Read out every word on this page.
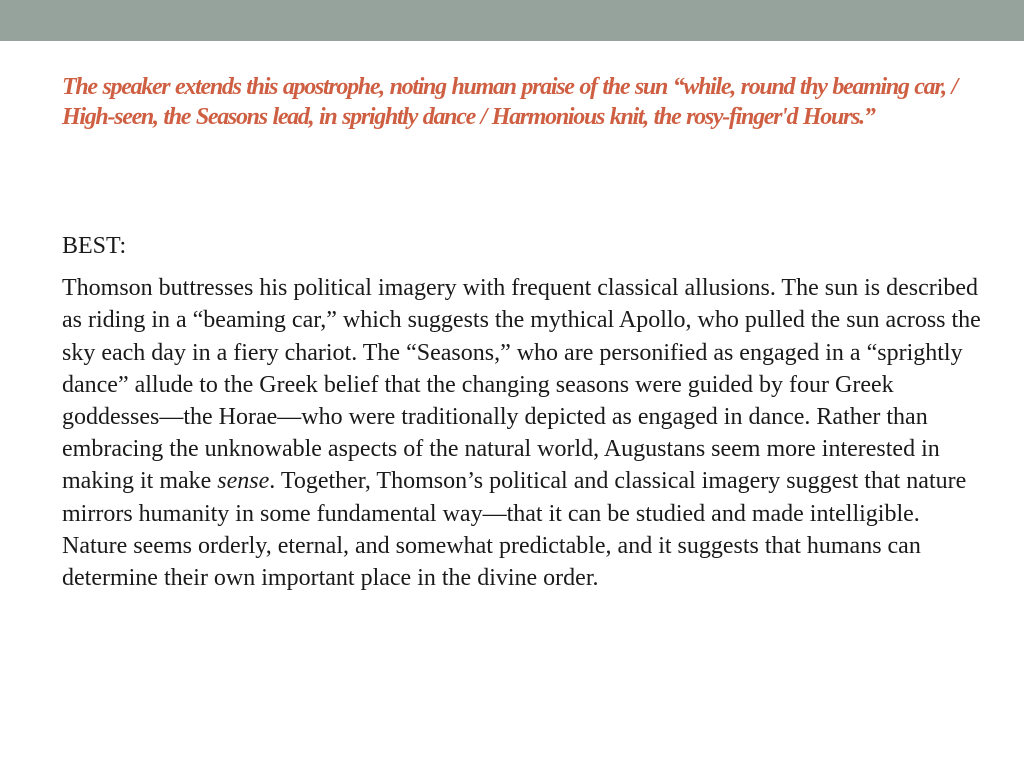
The speaker extends this apostrophe, noting human praise of the sun “while, round thy beaming car, / High-seen, the Seasons lead, in sprightly dance / Harmonious knit, the rosy-finger'd Hours.”

BEST:

Thomson buttresses his political imagery with frequent classical allusions. The sun is described as riding in a “beaming car,” which suggests the mythical Apollo, who pulled the sun across the sky each day in a fiery chariot. The “Seasons,” who are personified as engaged in a “sprightly dance” allude to the Greek belief that the changing seasons were guided by four Greek goddesses—the Horae—who were traditionally depicted as engaged in dance. Rather than embracing the unknowable aspects of the natural world, Augustans seem more interested in making it make sense. Together, Thomson’s political and classical imagery suggest that nature mirrors humanity in some fundamental way—that it can be studied and made intelligible. Nature seems orderly, eternal, and somewhat predictable, and it suggests that humans can determine their own important place in the divine order.
